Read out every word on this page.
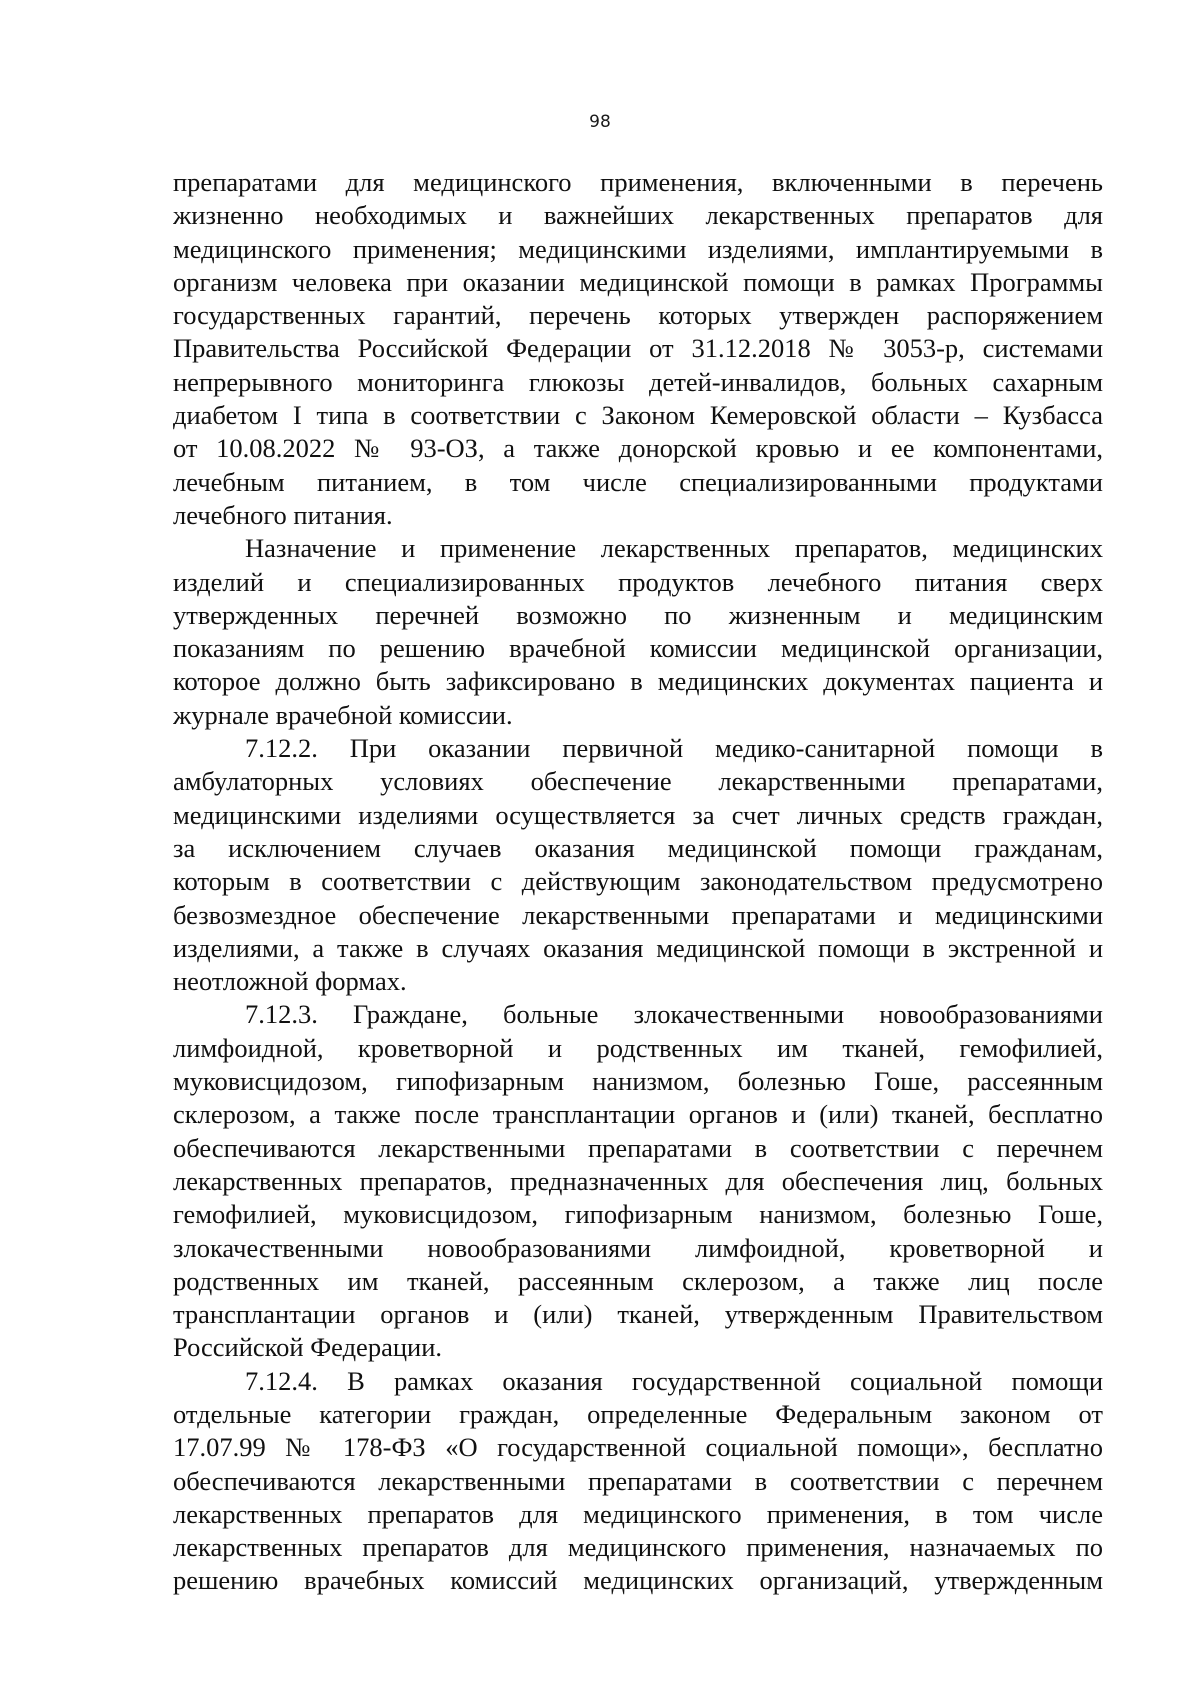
98
препаратами для медицинского применения, включенными в перечень
жизненно необходимых и важнейших лекарственных препаратов для
медицинского применения; медицинскими изделиями, имплантируемыми в
организм человека при оказании медицинской помощи в рамках Программы
государственных гарантий, перечень которых утвержден распоряжением
Правительства Российской Федерации от 31.12.2018 № 3053-р, системами
непрерывного мониторинга глюкозы детей-инвалидов, больных сахарным
диабетом I типа в соответствии с Законом Кемеровской области – Кузбасса
от 10.08.2022 № 93-ОЗ, а также донорской кровью и ее компонентами,
лечебным питанием, в том числе специализированными продуктами
лечебного питания.
Назначение и применение лекарственных препаратов, медицинских
изделий и специализированных продуктов лечебного питания сверх
утвержденных перечней возможно по жизненным и медицинским
показаниям по решению врачебной комиссии медицинской организации,
которое должно быть зафиксировано в медицинских документах пациента и
журнале врачебной комиссии.
7.12.2. При оказании первичной медико-санитарной помощи в
амбулаторных условиях обеспечение лекарственными препаратами,
медицинскими изделиями осуществляется за счет личных средств граждан,
за исключением случаев оказания медицинской помощи гражданам,
которым в соответствии с действующим законодательством предусмотрено
безвозмездное обеспечение лекарственными препаратами и медицинскими
изделиями, а также в случаях оказания медицинской помощи в экстренной и
неотложной формах.
7.12.3. Граждане, больные злокачественными новообразованиями
лимфоидной, кроветворной и родственных им тканей, гемофилией,
муковисцидозом, гипофизарным нанизмом, болезнью Гоше, рассеянным
склерозом, а также после трансплантации органов и (или) тканей, бесплатно
обеспечиваются лекарственными препаратами в соответствии с перечнем
лекарственных препаратов, предназначенных для обеспечения лиц, больных
гемофилией, муковисцидозом, гипофизарным нанизмом, болезнью Гоше,
злокачественными новообразованиями лимфоидной, кроветворной и
родственных им тканей, рассеянным склерозом, а также лиц после
трансплантации органов и (или) тканей, утвержденным Правительством
Российской Федерации.
7.12.4. В рамках оказания государственной социальной помощи
отдельные категории граждан, определенные Федеральным законом от
17.07.99 № 178-ФЗ «О государственной социальной помощи», бесплатно
обеспечиваются лекарственными препаратами в соответствии с перечнем
лекарственных препаратов для медицинского применения, в том числе
лекарственных препаратов для медицинского применения, назначаемых по
решению врачебных комиссий медицинских организаций, утвержденным
